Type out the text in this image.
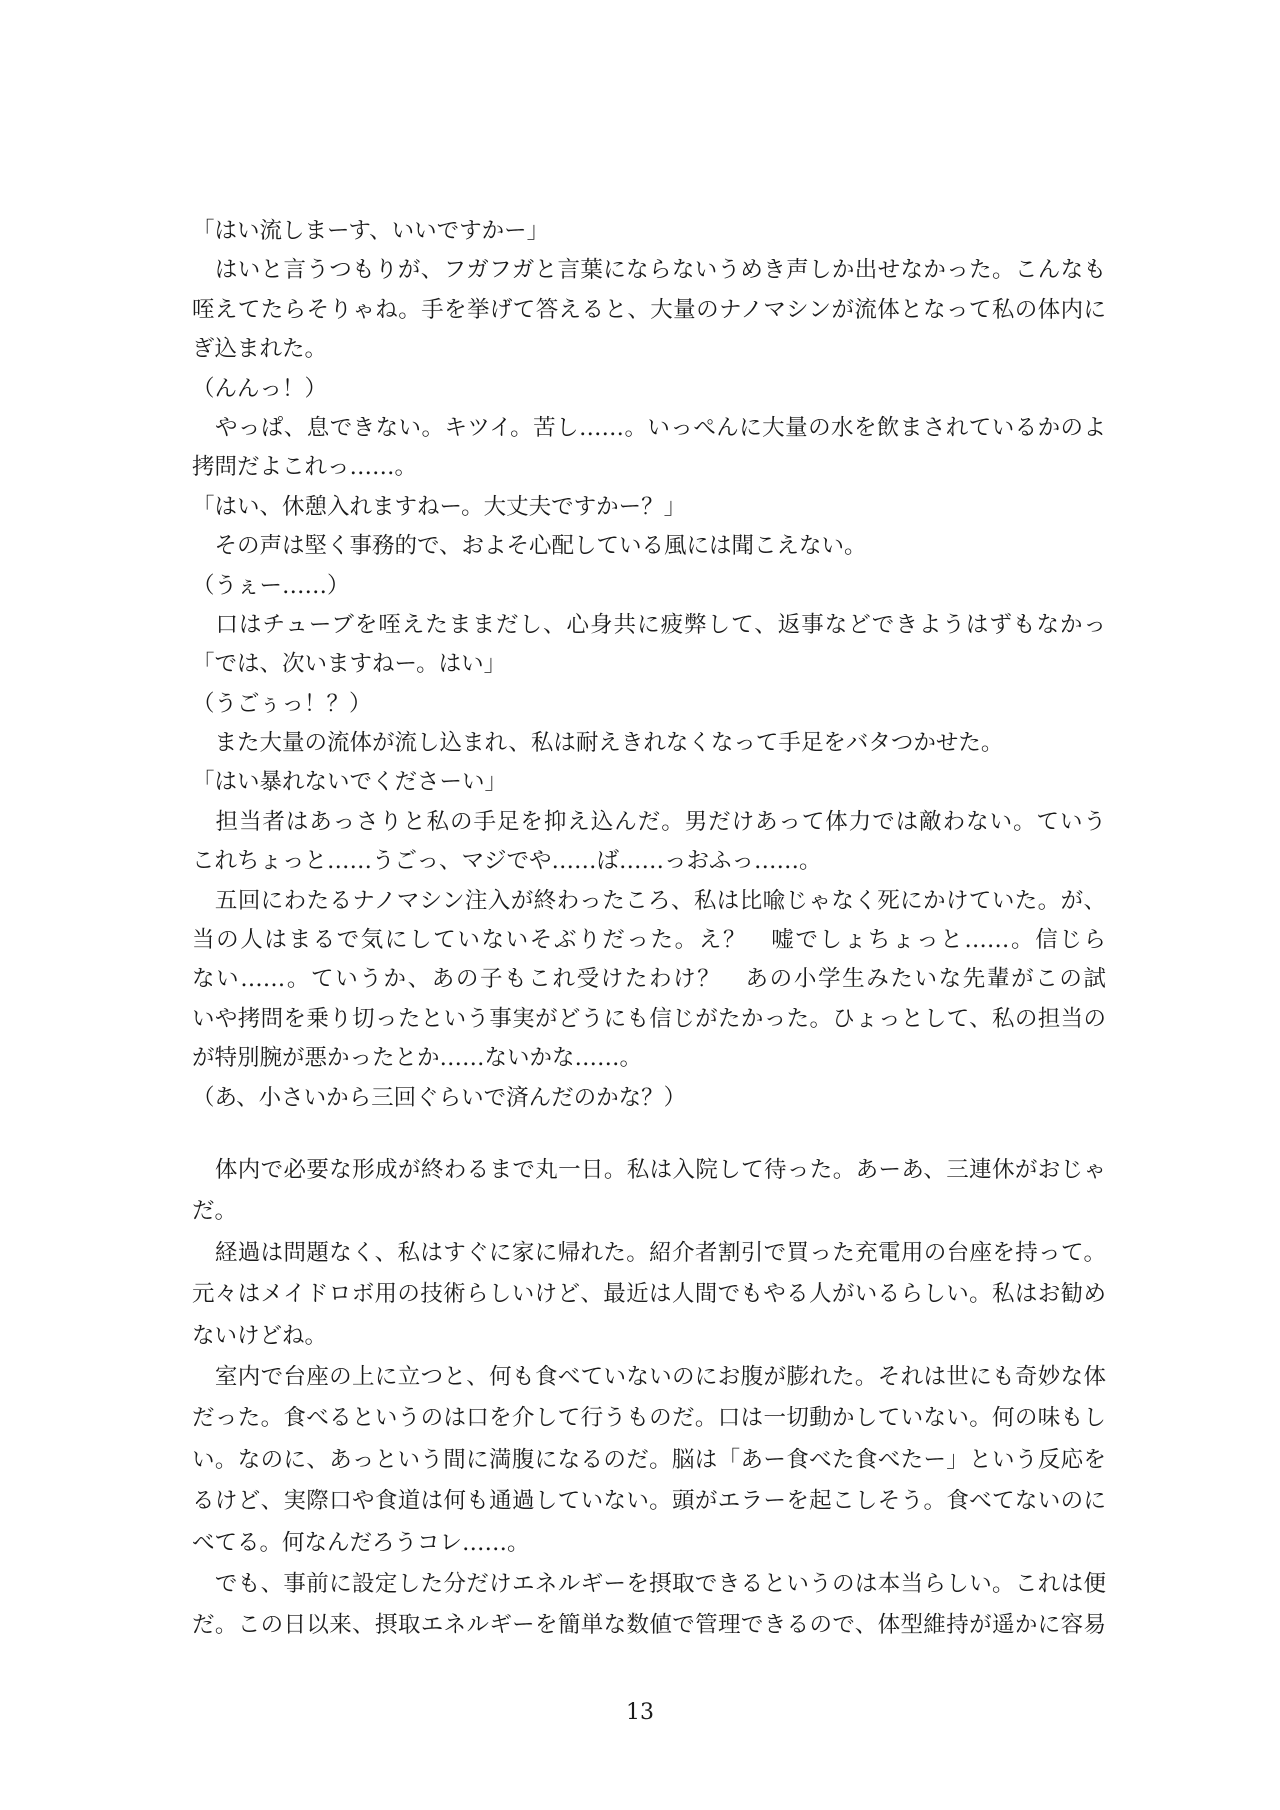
「はい流しまーす、いいですかー」
　はいと言うつもりが、フガフガと言葉にならないうめき声しか出せなかった。こんなも
咥えてたらそりゃね。手を挙げて答えると、大量のナノマシンが流体となって私の体内に
ぎ込まれた。
（んんっ！）
　やっぱ、息できない。キツイ。苦し……。いっぺんに大量の水を飲まされているかのよ
拷問だよこれっ……。
「はい、休憩入れますねー。大丈夫ですかー？」
　その声は堅く事務的で、およそ心配している風には聞こえない。
（うぇー……）
　口はチューブを咥えたままだし、心身共に疲弊して、返事などできようはずもなかっ
「では、次いますねー。はい」
（うごぅっ！？）
　また大量の流体が流し込まれ、私は耐えきれなくなって手足をバタつかせた。
「はい暴れないでくださーい」
　担当者はあっさりと私の手足を抑え込んだ。男だけあって体力では敵わない。ていう
これちょっと……うごっ、マジでや……ば……っおふっ……。
　五回にわたるナノマシン注入が終わったころ、私は比喩じゃなく死にかけていた。が、
当の人はまるで気にしていないそぶりだった。え？　嘘でしょちょっと……。信じら
ない……。ていうか、あの子もこれ受けたわけ？　あの小学生みたいな先輩がこの試
いや拷問を乗り切ったという事実がどうにも信じがたかった。ひょっとして、私の担当の
が特別腕が悪かったとか……ないかな……。
（あ、小さいから三回ぐらいで済んだのかな？）
　体内で必要な形成が終わるまで丸一日。私は入院して待った。あーあ、三連休がおじゃ
だ。
　経過は問題なく、私はすぐに家に帰れた。紹介者割引で買った充電用の台座を持って。
元々はメイドロボ用の技術らしいけど、最近は人間でもやる人がいるらしい。私はお勧め
ないけどね。
　室内で台座の上に立つと、何も食べていないのにお腹が膨れた。それは世にも奇妙な体
だった。食べるというのは口を介して行うものだ。口は一切動かしていない。何の味もし
い。なのに、あっという間に満腹になるのだ。脳は「あー食べた食べたー」という反応を
るけど、実際口や食道は何も通過していない。頭がエラーを起こしそう。食べてないのに
べてる。何なんだろうコレ……。
　でも、事前に設定した分だけエネルギーを摂取できるというのは本当らしい。これは便
だ。この日以来、摂取エネルギーを簡単な数値で管理できるので、体型維持が遥かに容易
13
